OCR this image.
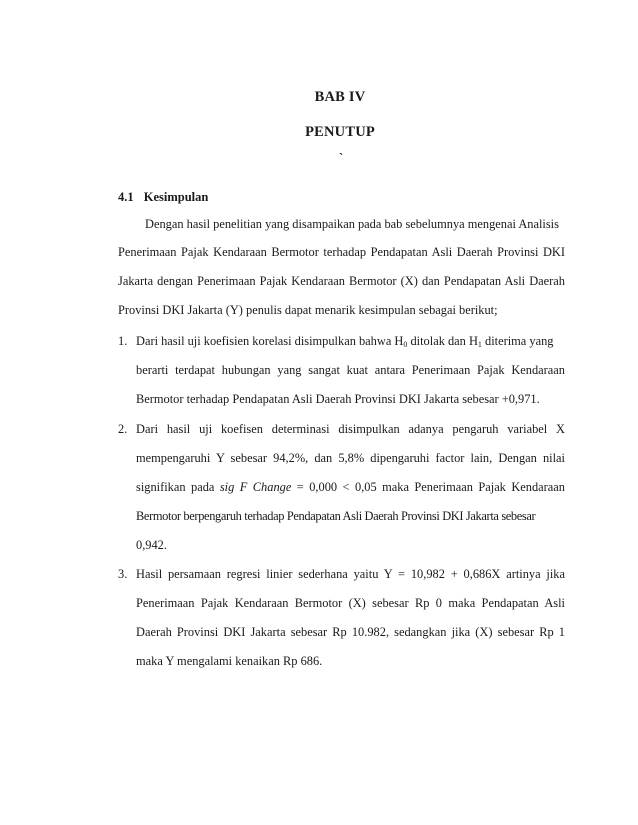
BAB IV
PENUTUP
`
4.1 Kesimpulan
Dengan hasil penelitian yang disampaikan pada bab sebelumnya mengenai Analisis
Penerimaan Pajak Kendaraan Bermotor terhadap Pendapatan Asli Daerah Provinsi DKI
Jakarta dengan Penerimaan Pajak Kendaraan Bermotor (X) dan Pendapatan Asli Daerah
Provinsi DKI Jakarta (Y) penulis dapat menarik kesimpulan sebagai berikut;
1. Dari hasil uji koefisien korelasi disimpulkan bahwa $H_0$ ditolak dan $H_1$ diterima yang
berarti terdapat hubungan yang sangat kuat antara Penerimaan Pajak Kendaraan
Bermotor terhadap Pendapatan Asli Daerah Provinsi DKI Jakarta sebesar +0,971.
2. Dari hasil uji koefisen determinasi disimpulkan adanya pengaruh variabel X
mempengaruhi Y sebesar 94,2%, dan 5,8% dipengaruhi factor lain, Dengan nilai
signifikan pada sig F Change = 0,000 < 0,05 maka Penerimaan Pajak Kendaraan
Bermotor berpengaruh terhadap Pendapatan Asli Daerah Provinsi DKI Jakarta sebesar
0,942.
3. Hasil persamaan regresi linier sederhana yaitu Y = 10,982 + 0,686X artinya jika
Penerimaan Pajak Kendaraan Bermotor (X) sebesar Rp 0 maka Pendapatan Asli
Daerah Provinsi DKI Jakarta sebesar Rp 10.982, sedangkan jika (X) sebesar Rp 1
maka Y mengalami kenaikan Rp 686.
